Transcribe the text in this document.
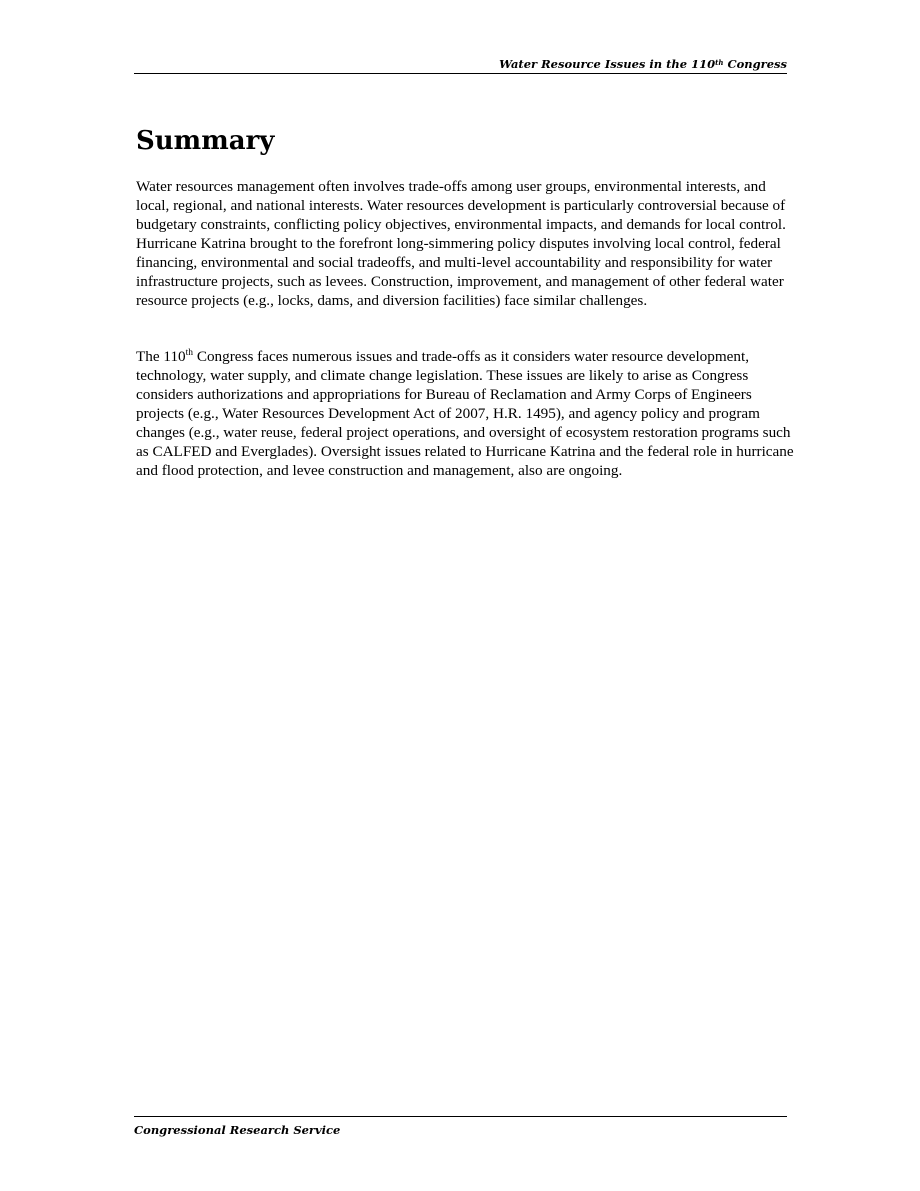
Water Resource Issues in the 110th Congress
Summary

Water resources management often involves trade-offs among user groups, environmental interests, and local, regional, and national interests. Water resources development is particularly controversial because of budgetary constraints, conflicting policy objectives, environmental impacts, and demands for local control. Hurricane Katrina brought to the forefront long-simmering policy disputes involving local control, federal financing, environmental and social tradeoffs, and multi-level accountability and responsibility for water infrastructure projects, such as levees. Construction, improvement, and management of other federal water resource projects (e.g., locks, dams, and diversion facilities) face similar challenges.

The 110th Congress faces numerous issues and trade-offs as it considers water resource development, technology, water supply, and climate change legislation. These issues are likely to arise as Congress considers authorizations and appropriations for Bureau of Reclamation and Army Corps of Engineers projects (e.g., Water Resources Development Act of 2007, H.R. 1495), and agency policy and program changes (e.g., water reuse, federal project operations, and oversight of ecosystem restoration programs such as CALFED and Everglades). Oversight issues related to Hurricane Katrina and the federal role in hurricane and flood protection, and levee construction and management, also are ongoing.

Congressional Research Service
